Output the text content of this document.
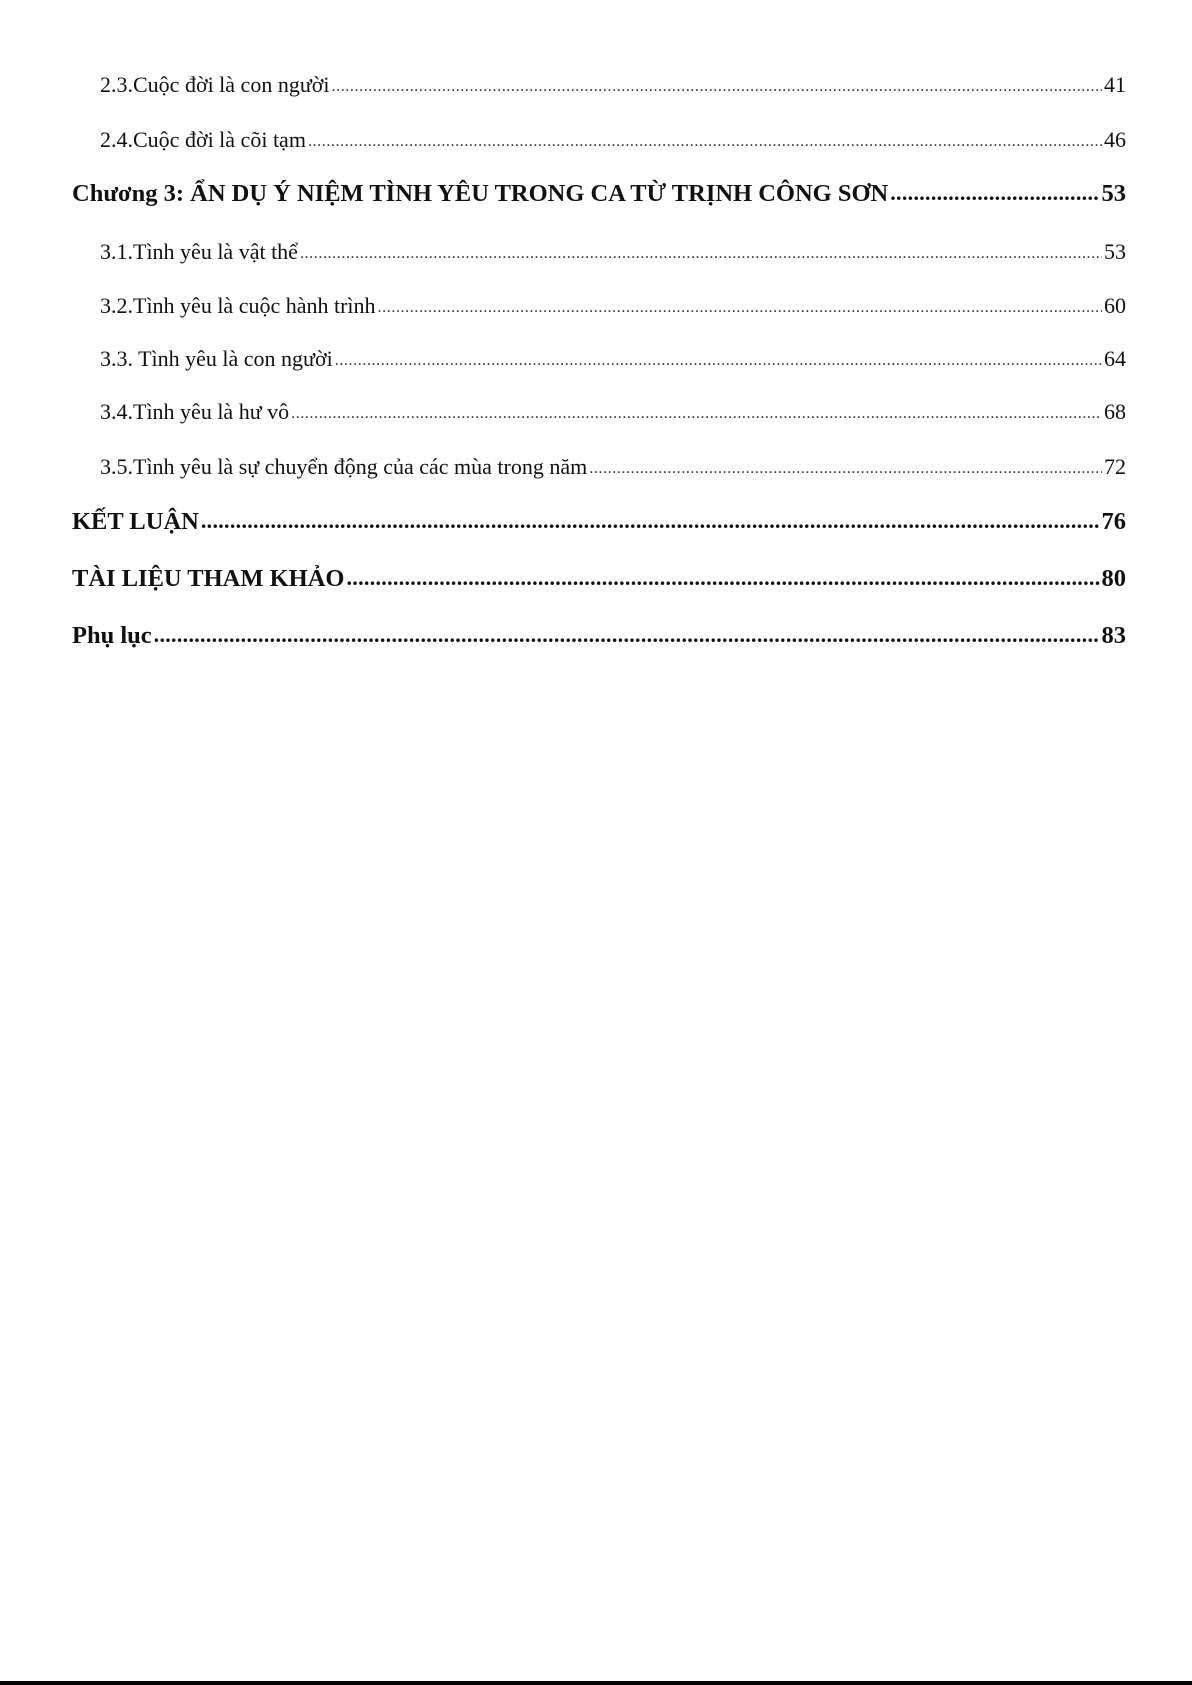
2.3.Cuộc đời là con người .....	41
2.4.Cuộc đời là cõi tạm .....	46
Chương 3: ẨN DỤ Ý NIỆM TÌNH YÊU TRONG CA TỪ TRỊNH CÔNG SƠN .....	53
3.1.Tình yêu là vật thể .....	53
3.2.Tình yêu là cuộc hành trình .....	60
3.3. Tình yêu là con người .....	64
3.4.Tình yêu là hư vô .....	68
3.5.Tình yêu là sự chuyển động của các mùa trong năm .....	72
KẾT LUẬN .....	76
TÀI LIỆU THAM KHẢO .....	80
Phụ lục .....	83
